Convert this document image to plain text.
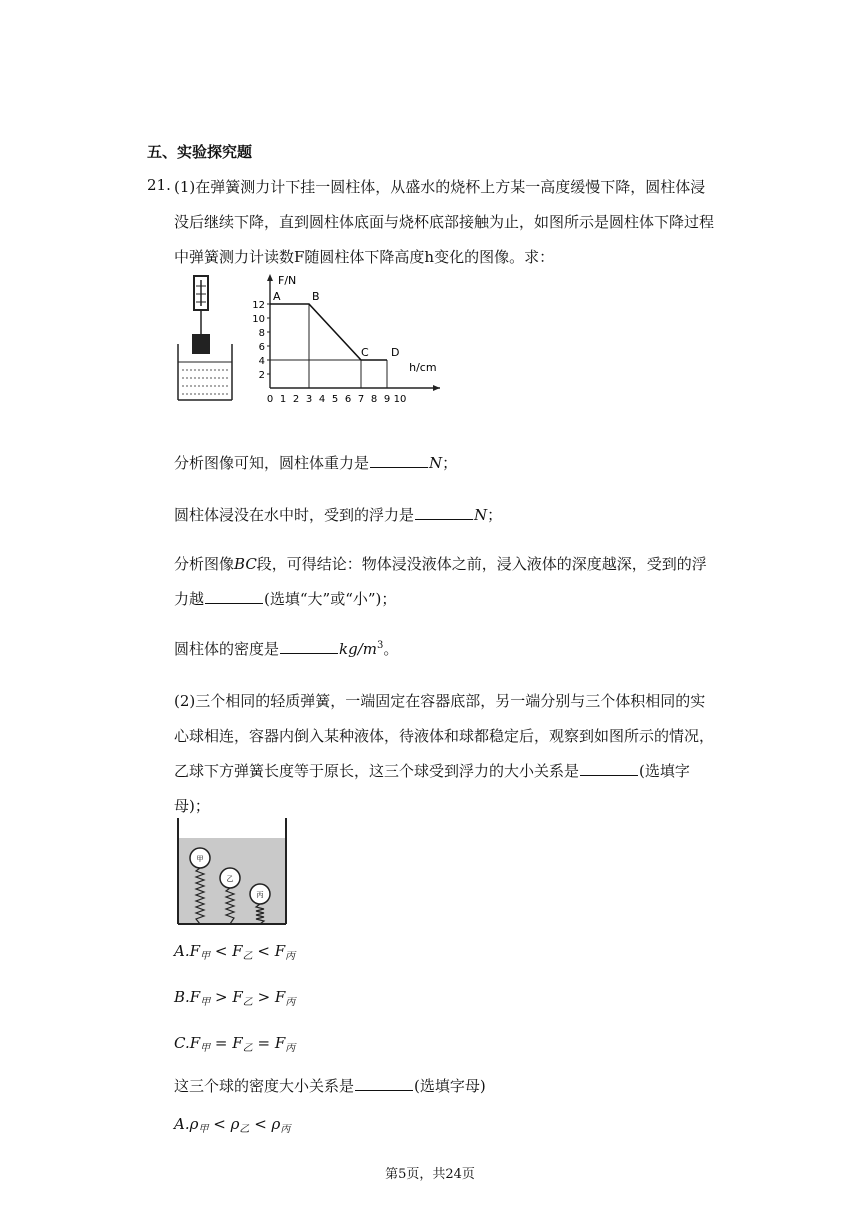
五、实验探究题
21. (1)在弹簧测力计下挂一圆柱体，从盛水的烧杯上方某一高度缓慢下降，圆柱体浸
没后继续下降，直到圆柱体底面与烧杯底部接触为止，如图所示是圆柱体下降过程
中弹簧测力计读数F随圆柱体下降高度h变化的图像。求：
F/N
h/cm
2
4
6
8
10
12
0 1 2 3 4 5 6 7 8 9 10
A	B
C D
分析图像可知，圆柱体重力是	N；
圆柱体浸没在水中时，受到的浮力是	N；
分析图像BC段，可得结论：物体浸没液体之前，浸入液体的深度越深，受到的浮
力越	(选填“大”或“小”)；
圆柱体的密度是	$kg/m^3$。
(2)三个相同的轻质弹簧，一端固定在容器底部，另一端分别与三个体积相同的实
心球相连，容器内倒入某种液体，待液体和球都稳定后，观察到如图所示的情况，
乙球下方弹簧长度等于原长，这三个球受到浮力的大小关系是	(选填字
母)；
甲
乙
丙
$A.F_甲 < F_乙 < F_丙$
$B.F_甲 > F_乙 > F_丙$
$C.F_甲 = F_乙 = F_丙$
这三个球的密度大小关系是	(选填字母)
$A.\rho_甲 < \rho_乙 < \rho_丙$
第5页，共24页
